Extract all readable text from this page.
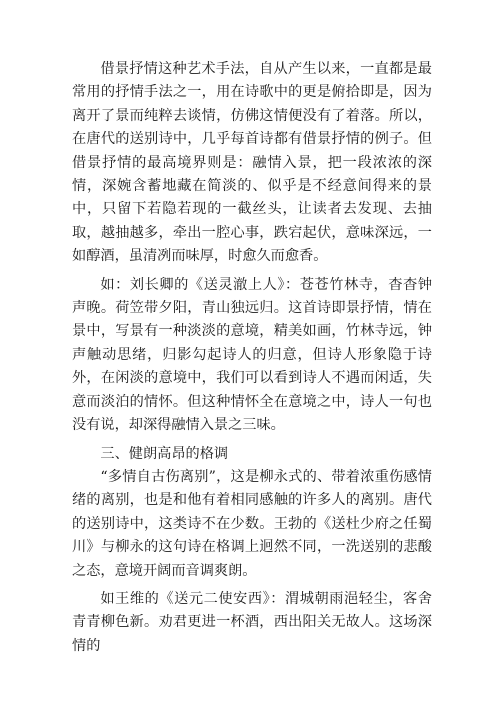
借景抒情这种艺术手法，自从产生以来，一直都是最常用的抒情手法之一，用在诗歌中的更是俯拾即是，因为离开了景而纯粹去谈情，仿佛这情便没有了着落。所以，在唐代的送别诗中，几乎每首诗都有借景抒情的例子。但借景抒情的最高境界则是：融情入景，把一段浓浓的深情，深婉含蓄地藏在简淡的、似乎是不经意间得来的景中，只留下若隐若现的一截丝头，让读者去发现、去抽取，越抽越多，牵出一腔心事，跌宕起伏，意味深远，一如醇酒，虽清冽而味厚，时愈久而愈香。

如：刘长卿的《送灵澈上人》：苍苍竹林寺，杳杳钟声晚。荷笠带夕阳，青山独远归。这首诗即景抒情，情在景中，写景有一种淡淡的意境，精美如画，竹林寺远，钟声触动思绪，归影勾起诗人的归意，但诗人形象隐于诗外，在闲淡的意境中，我们可以看到诗人不遇而闲适，失意而淡泊的情怀。但这种情怀全在意境之中，诗人一句也没有说，却深得融情入景之三味。

三、健朗高昂的格调

“多情自古伤离别”，这是柳永式的、带着浓重伤感情绪的离别，也是和他有着相同感触的许多人的离别。唐代的送别诗中，这类诗不在少数。王勃的《送杜少府之任蜀川》与柳永的这句诗在格调上迥然不同，一洗送别的悲酸之态，意境开阔而音调爽朗。

如王维的《送元二使安西》：渭城朝雨浥轻尘，客舍青青柳色新。劝君更进一杯酒，西出阳关无故人。这场深情的
